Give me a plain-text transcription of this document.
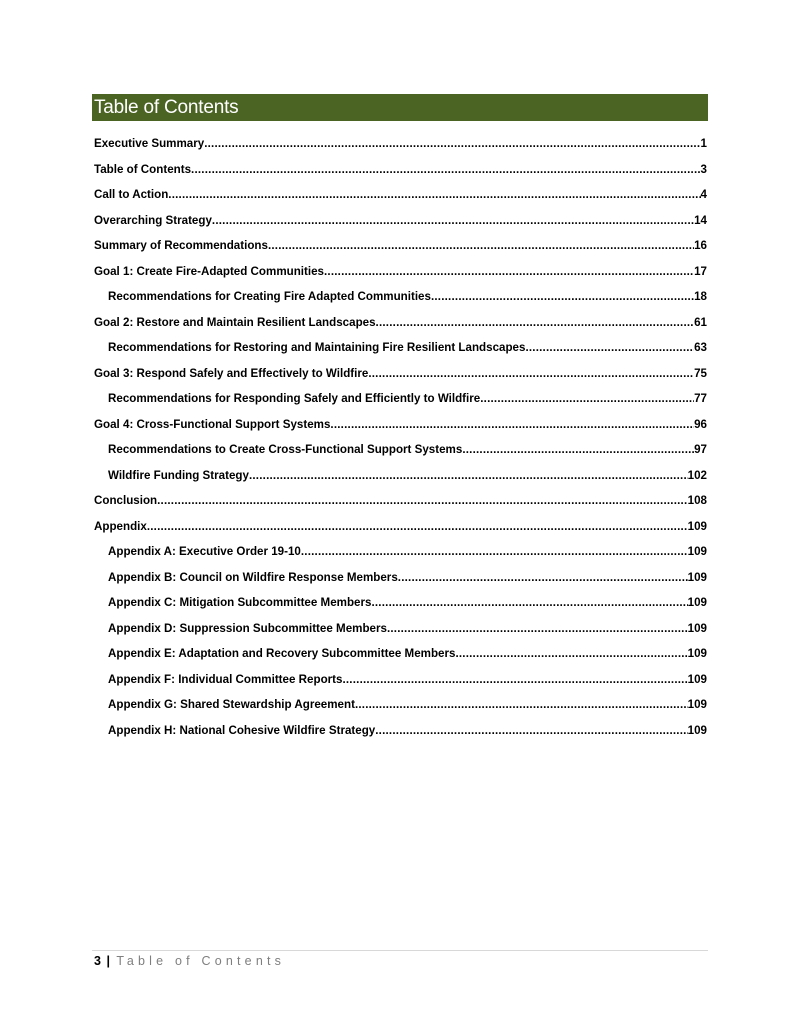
Table of Contents
Executive Summary .....	1
Table of Contents .....	3
Call to Action .....	4
Overarching Strategy .....	14
Summary of Recommendations .....	16
Goal 1: Create Fire-Adapted Communities .....	17
Recommendations for Creating Fire Adapted Communities .....	18
Goal 2: Restore and Maintain Resilient Landscapes .....	61
Recommendations for Restoring and Maintaining Fire Resilient Landscapes .....	63
Goal 3: Respond Safely and Effectively to Wildfire .....	75
Recommendations for Responding Safely and Efficiently to Wildfire .....	77
Goal 4: Cross-Functional Support Systems .....	96
Recommendations to Create Cross-Functional Support Systems .....	97
Wildfire Funding Strategy .....	102
Conclusion .....	108
Appendix .....	109
Appendix A: Executive Order 19-10 .....	109
Appendix B: Council on Wildfire Response Members .....	109
Appendix C: Mitigation Subcommittee Members .....	109
Appendix D: Suppression Subcommittee Members .....	109
Appendix E: Adaptation and Recovery Subcommittee Members .....	109
Appendix F: Individual Committee Reports .....	109
Appendix G: Shared Stewardship Agreement .....	109
Appendix H: National Cohesive Wildfire Strategy .....	109
3 | Table of Contents
